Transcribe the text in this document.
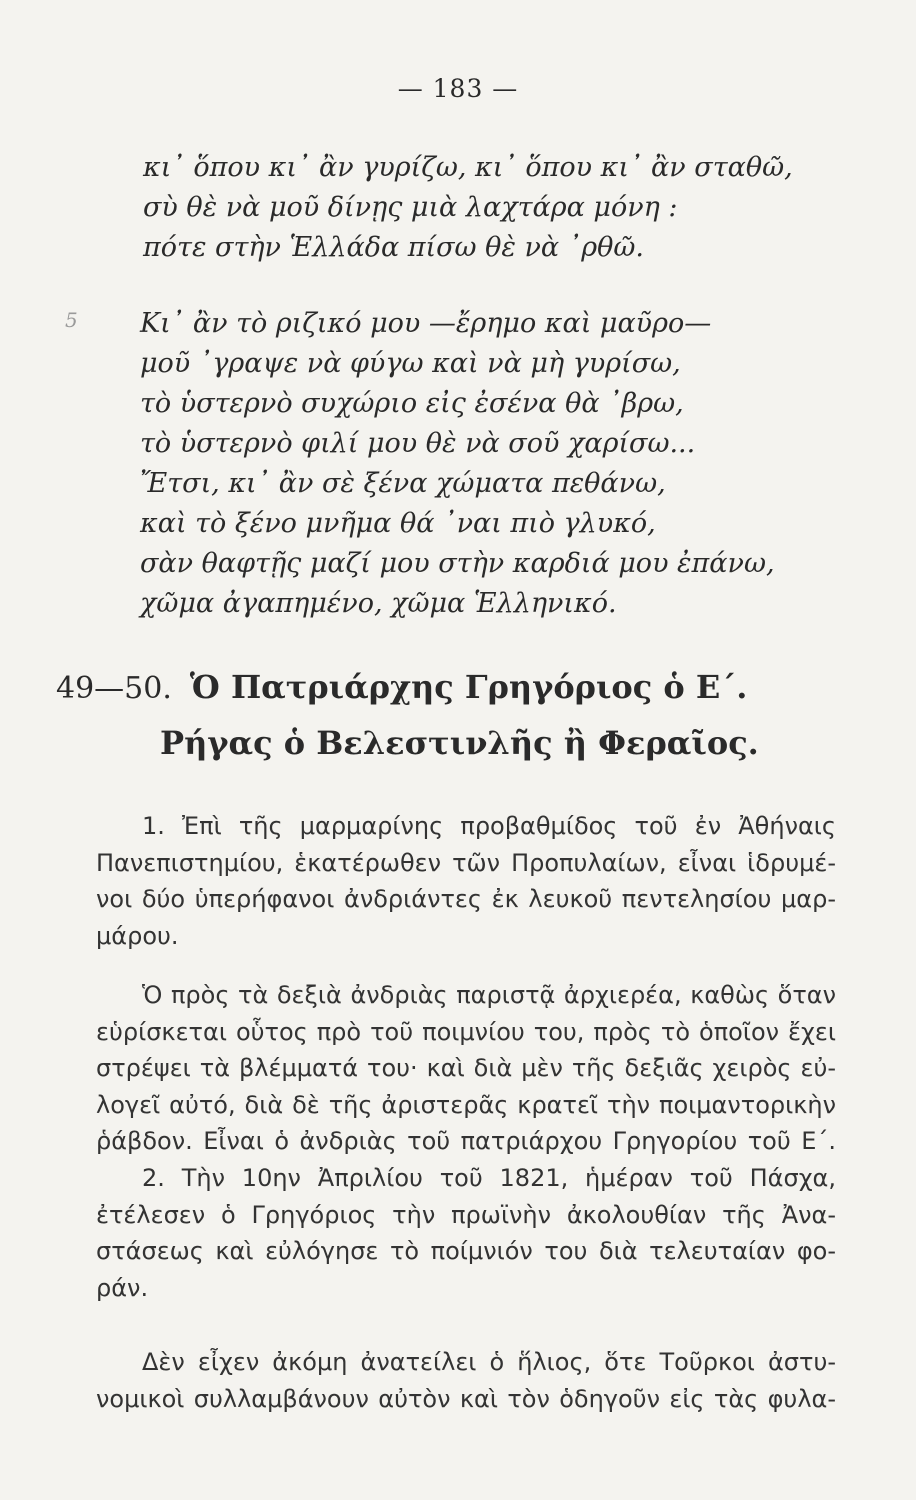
— 183 —
κι᾽ ὅπου κι᾽ ἂν γυρίζω, κι᾽ ὅπου κι᾽ ἂν σταθῶ,
σὺ θὲ νὰ μοῦ δίνῃς μιὰ λαχτάρα μόνη :
πότε στὴν Ἑλλάδα πίσω θὲ νὰ ᾽ρθῶ.
5 Κι᾽ ἂν τὸ ριζικό μου —ἔρημο καὶ μαῦρο—
μοῦ ᾽γραψε νὰ φύγω καὶ νὰ μὴ γυρίσω,
τὸ ὑστερνὸ συχώριο εἰς ἐσένα θὰ ᾽βρω,
τὸ ὑστερνὸ φιλί μου θὲ νὰ σοῦ χαρίσω...
Ἔτσι, κι᾽ ἂν σὲ ξένα χώματα πεθάνω,
καὶ τὸ ξένο μνῆμα θά ᾽ναι πιὸ γλυκό,
σὰν θαφτῇς μαζί μου στὴν καρδιά μου ἐπάνω,
χῶμα ἀγαπημένο, χῶμα Ἑλληνικό.
49—50. Ὁ Πατριάρχης Γρηγόριος ὁ Ε΄.
Ρήγας ὁ Βελεστινλῆς ἢ Φεραῖος.
1. Ἐπὶ τῆς μαρμαρίνης προβαθμίδος τοῦ ἐν Ἀθήναις
Πανεπιστημίου, ἑκατέρωθεν τῶν Προπυλαίων, εἶναι ἱδρυμέ-
νοι δύο ὑπερήφανοι ἀνδριάντες ἐκ λευκοῦ πεντελησίου μαρ-
μάρου.
Ὁ πρὸς τὰ δεξιὰ ἀνδριὰς παριστᾷ ἀρχιερέα, καθὼς ὅταν
εὑρίσκεται οὗτος πρὸ τοῦ ποιμνίου του, πρὸς τὸ ὁποῖον ἔχει
στρέψει τὰ βλέμματά του· καὶ διὰ μὲν τῆς δεξιᾶς χειρὸς εὐ-
λογεῖ αὐτό, διὰ δὲ τῆς ἀριστερᾶς κρατεῖ τὴν ποιμαντορικὴν
ῥάβδον. Εἶναι ὁ ἀνδριὰς τοῦ πατριάρχου Γρηγορίου τοῦ Ε΄.
2. Τὴν 10ην Ἀπριλίου τοῦ 1821, ἡμέραν τοῦ Πάσχα,
ἐτέλεσεν ὁ Γρηγόριος τὴν πρωϊνὴν ἀκολουθίαν τῆς Ἀνα-
στάσεως καὶ εὐλόγησε τὸ ποίμνιόν του διὰ τελευταίαν φο-
ράν.
Δὲν εἶχεν ἀκόμη ἀνατείλει ὁ ἥλιος, ὅτε Τοῦρκοι ἀστυ-
νομικοὶ συλλαμβάνουν αὐτὸν καὶ τὸν ὁδηγοῦν εἰς τὰς φυλα-
